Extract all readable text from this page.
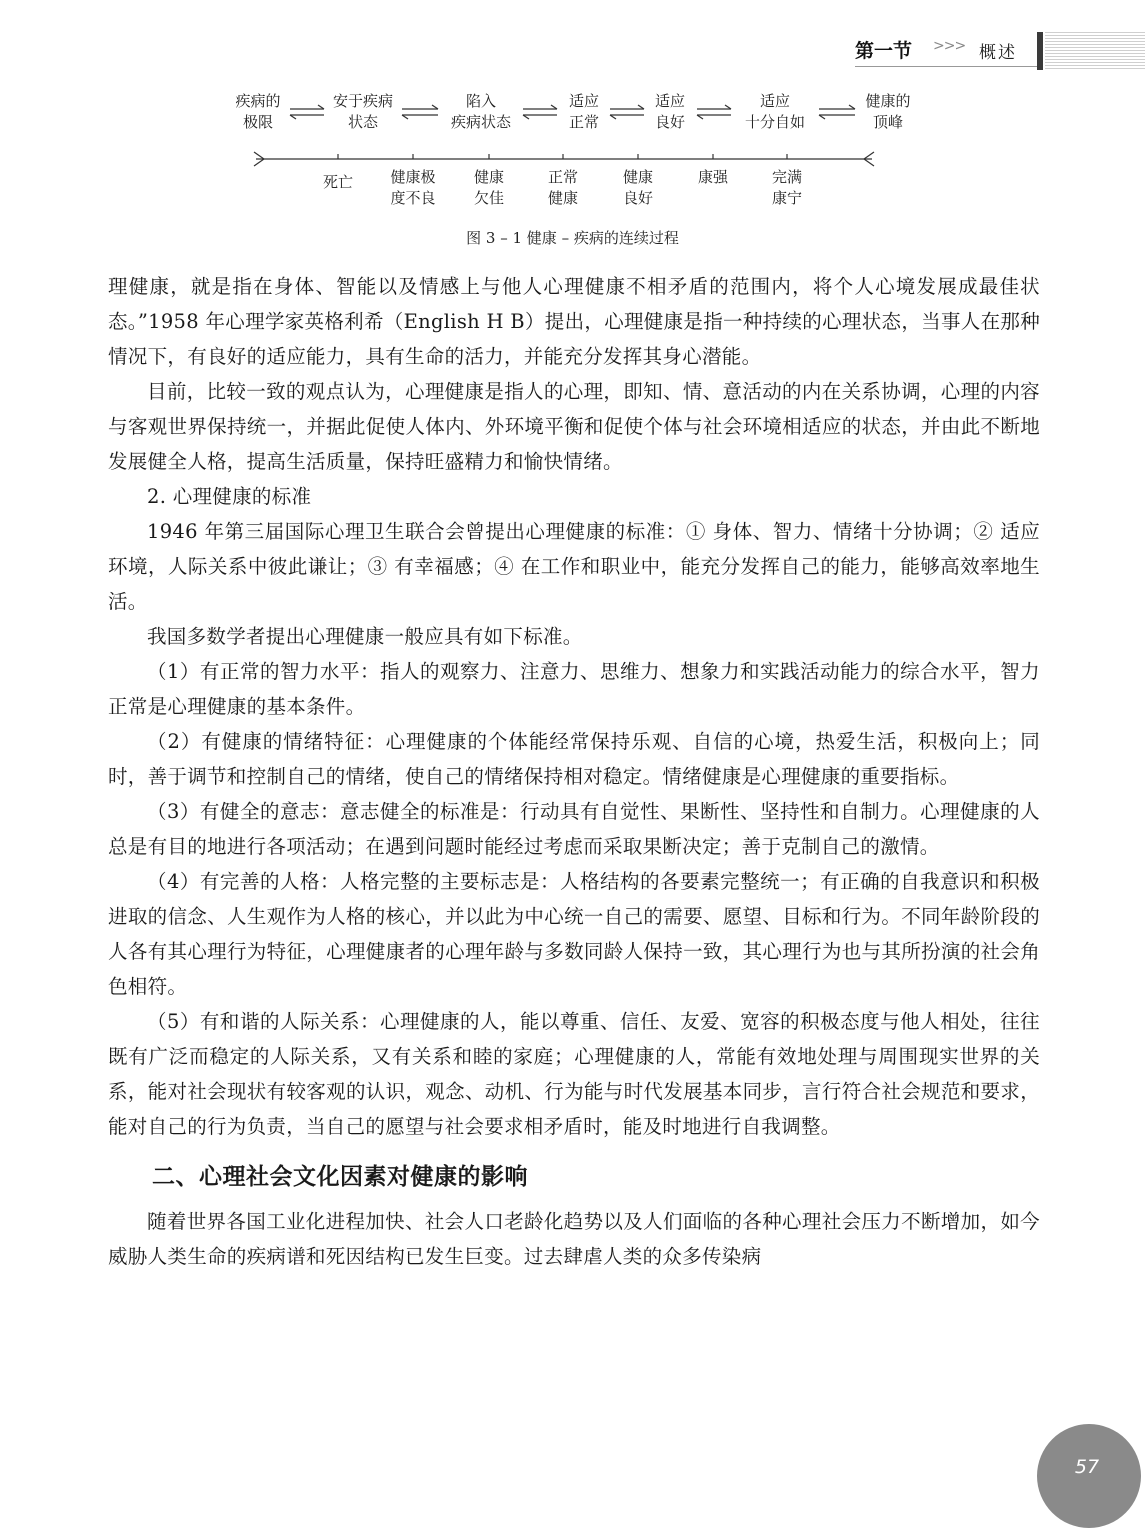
第一节 >>> 概述
疾病的
极限
安于疾病
状态
陷入
疾病状态
适应
正常
适应
良好
适应
十分自如
健康的
顶峰
死亡	健康极
度不良
健康
欠佳
正常
健康
健康
良好
康强	完满
康宁
图 3 – 1 健康 – 疾病的连续过程

理健康，就是指在身体、智能以及情感上与他人心理健康不相矛盾的范围内，将个人心境发展成最佳状态。”1958 年心理学家英格利希（English H B）提出，心理健康是指一种持续的心理状态，当事人在那种情况下，有良好的适应能力，具有生命的活力，并能充分发挥其身心潜能。

目前，比较一致的观点认为，心理健康是指人的心理，即知、情、意活动的内在关系协调，心理的内容与客观世界保持统一，并据此促使人体内、外环境平衡和促使个体与社会环境相适应的状态，并由此不断地发展健全人格，提高生活质量，保持旺盛精力和愉快情绪。

2. 心理健康的标准

1946 年第三届国际心理卫生联合会曾提出心理健康的标准：① 身体、智力、情绪十分协调；② 适应环境，人际关系中彼此谦让；③ 有幸福感；④ 在工作和职业中，能充分发挥自己的能力，能够高效率地生活。

我国多数学者提出心理健康一般应具有如下标准。

（1）有正常的智力水平：指人的观察力、注意力、思维力、想象力和实践活动能力的综合水平，智力正常是心理健康的基本条件。

（2）有健康的情绪特征：心理健康的个体能经常保持乐观、自信的心境，热爱生活，积极向上；同时，善于调节和控制自己的情绪，使自己的情绪保持相对稳定。情绪健康是心理健康的重要指标。

（3）有健全的意志：意志健全的标准是：行动具有自觉性、果断性、坚持性和自制力。心理健康的人总是有目的地进行各项活动；在遇到问题时能经过考虑而采取果断决定；善于克制自己的激情。

（4）有完善的人格：人格完整的主要标志是：人格结构的各要素完整统一；有正确的自我意识和积极进取的信念、人生观作为人格的核心，并以此为中心统一自己的需要、愿望、目标和行为。不同年龄阶段的人各有其心理行为特征，心理健康者的心理年龄与多数同龄人保持一致，其心理行为也与其所扮演的社会角色相符。

（5）有和谐的人际关系：心理健康的人，能以尊重、信任、友爱、宽容的积极态度与他人相处，往往既有广泛而稳定的人际关系，又有关系和睦的家庭；心理健康的人，常能有效地处理与周围现实世界的关系，能对社会现状有较客观的认识，观念、动机、行为能与时代发展基本同步，言行符合社会规范和要求，能对自己的行为负责，当自己的愿望与社会要求相矛盾时，能及时地进行自我调整。

二、心理社会文化因素对健康的影响

随着世界各国工业化进程加快、社会人口老龄化趋势以及人们面临的各种心理社会压力不断增加，如今威胁人类生命的疾病谱和死因结构已发生巨变。过去肆虐人类的众多传染病

57
